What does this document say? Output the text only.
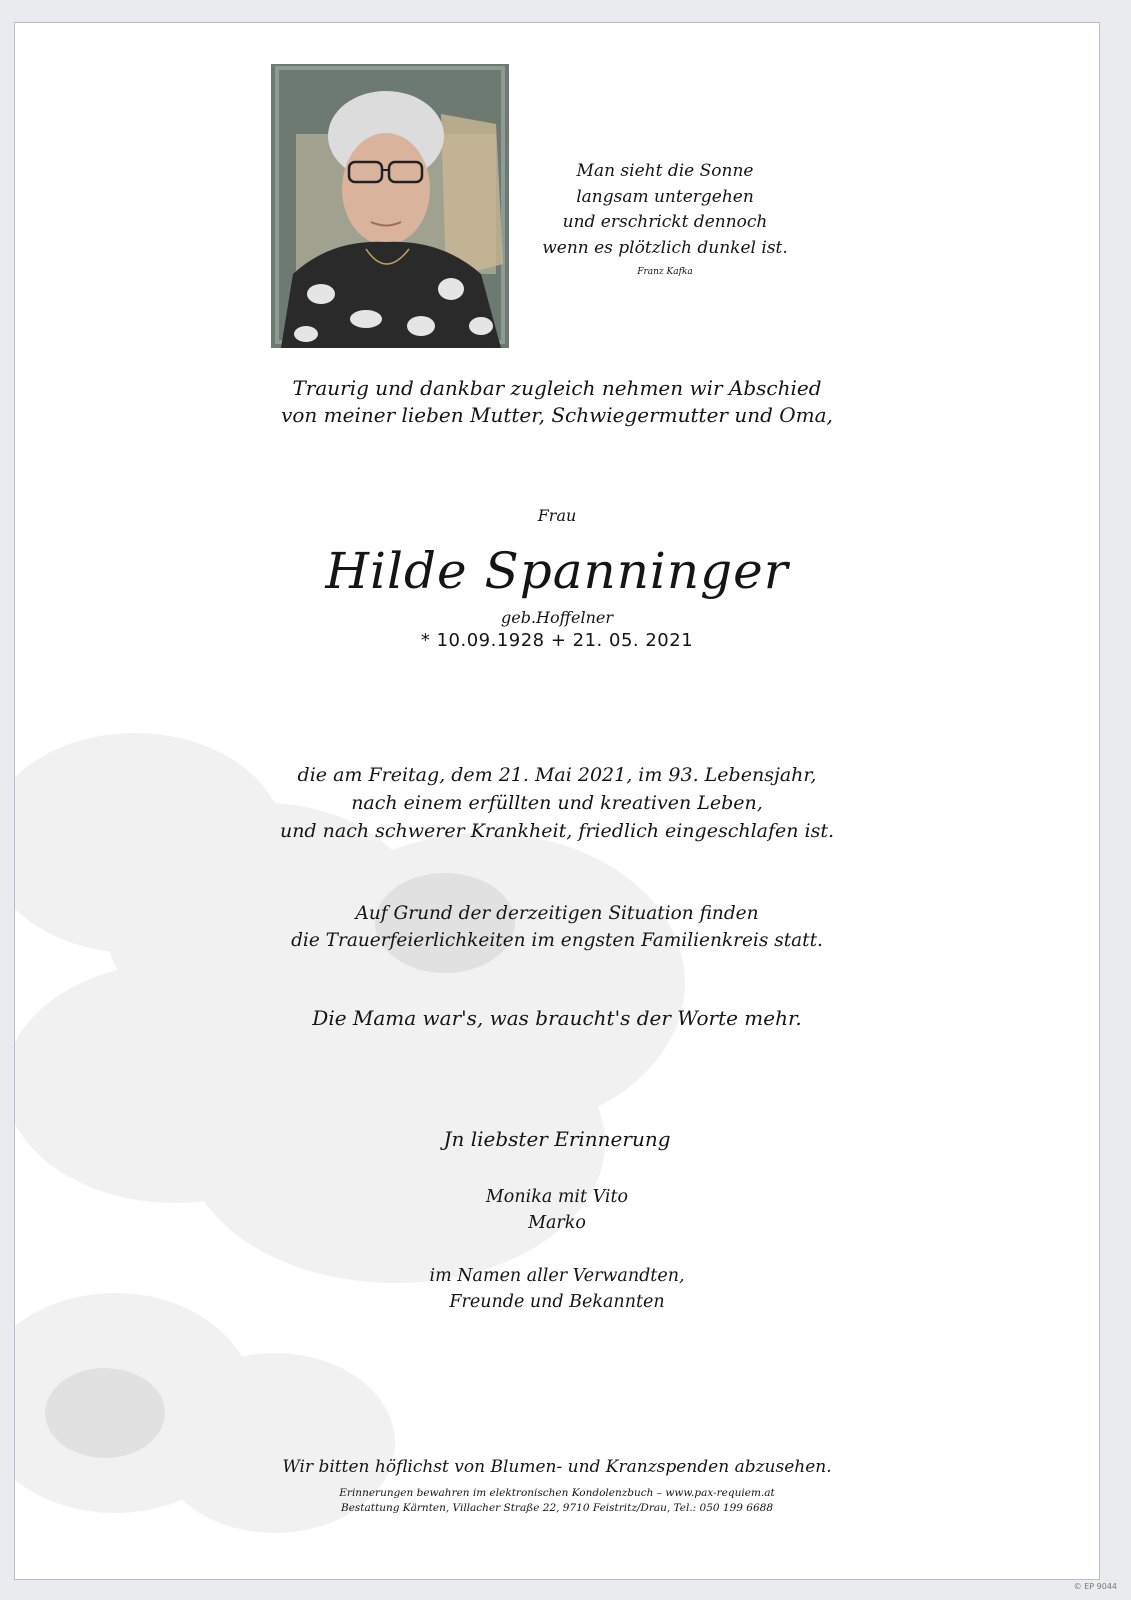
Man sieht die Sonne
langsam untergehen
und erschrickt dennoch
wenn es plötzlich dunkel ist.
Franz Kafka
Traurig und dankbar zugleich nehmen wir Abschied
von meiner lieben Mutter, Schwiegermutter und Oma,
Frau
Hilde Spanninger
geb.Hoffelner
* 10.09.1928 + 21. 05. 2021
die am Freitag, dem 21. Mai 2021, im 93. Lebensjahr,
nach einem erfüllten und kreativen Leben,
und nach schwerer Krankheit, friedlich eingeschlafen ist.
Auf Grund der derzeitigen Situation finden
die Trauerfeierlichkeiten im engsten Familienkreis statt.
Die Mama war's, was braucht's der Worte mehr.
Jn liebster Erinnerung
Monika mit Vito
Marko
im Namen aller Verwandten,
Freunde und Bekannten
Wir bitten höflichst von Blumen- und Kranzspenden abzusehen.
Erinnerungen bewahren im elektronischen Kondolenzbuch – www.pax-requiem.at
Bestattung Kärnten, Villacher Straße 22, 9710 Feistritz/Drau, Tel.: 050 199 6688
© EP 9044
